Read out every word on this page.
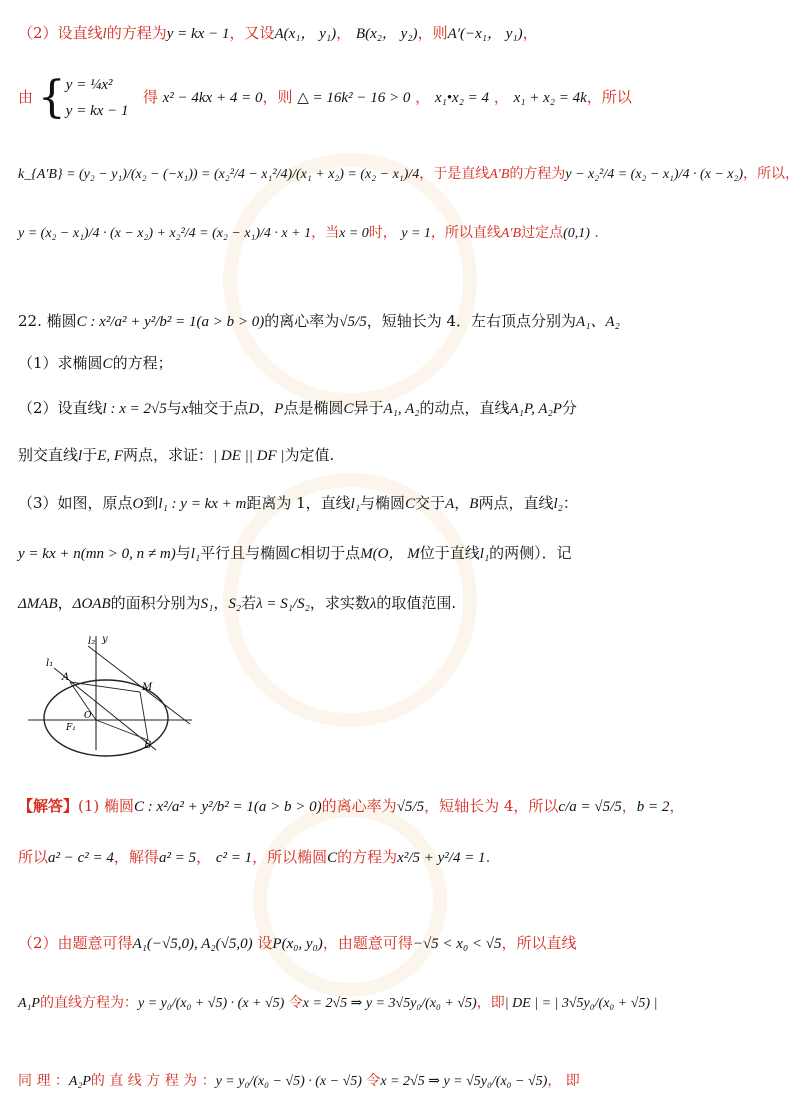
（2）设直线l的方程为y = kx − 1，又设A(x₁， y₁)， B(x₂， y₂)，则A′(−x₁， y₁)，
由 { y = ¼x²
y = kx − 1
得 x² − 4kx + 4 = 0，则 △ = 16k² − 16 > 0 ， x₁•x₂ = 4 ， x₁ + x₂ = 4k，所以
k_{A′B} = (y₂ − y₁)/(x₂ − (−x₁)) = (x₂²/4 − x₁²/4)/(x₁ + x₂) = (x₂ − x₁)/4，于是直线A′B的方程为y − x₂²/4 = (x₂ − x₁)/4 · (x − x₂)，所以，
y = (x₂ − x₁)/4 · (x − x₂) + x₂²/4 = (x₂ − x₁)/4 · x + 1，当x = 0时， y = 1，所以直线A′B过定点(0,1) .
22. 椭圆C : x²/a² + y²/b² = 1(a > b > 0)的离心率为√5/5，短轴长为 4．左右顶点分别为A₁、A₂
（1）求椭圆C的方程；
（2）设直线l : x = 2√5与x轴交于点D，P点是椭圆C异于A₁, A₂的动点，直线A₁P, A₂P分
别交直线l于E, F两点，求证：| DE || DF |为定值.
（3）如图，原点O到l₁ : y = kx + m距离为 1，直线l₁与椭圆C交于A，B两点，直线l₂：
y = kx + n(mn > 0, n ≠ m)与l₁平行且与椭圆C相切于点M(O， M位于直线l₁的两侧）．记
ΔMAB，ΔOAB的面积分别为S₁，S₂若λ = S₁/S₂，求实数λ的取值范围.
l₁
l₂ y
A
M
F₁
O
B
【解答】(1) 椭圆C : x²/a² + y²/b² = 1(a > b > 0)的离心率为√5/5，短轴长为 4，所以c/a = √5/5，b = 2，
所以a² − c² = 4，解得a² = 5， c² = 1，所以椭圆C的方程为x²/5 + y²/4 = 1.
（2）由题意可得A₁(−√5,0), A₂(√5,0) 设P(x₀, y₀)，由题意可得−√5 < x₀ < √5，所以直线
A₁P的直线方程为：y = y₀/(x₀ + √5) · (x + √5) 令x = 2√5 ⇒ y = 3√5y₀/(x₀ + √5)，即| DE | = | 3√5y₀/(x₀ + √5) |
同 理 ：A₂P的 直 线 方 程 为 ：y = y₀/(x₀ − √5) · (x − √5) 令x = 2√5 ⇒ y = √5y₀/(x₀ − √5)， 即
